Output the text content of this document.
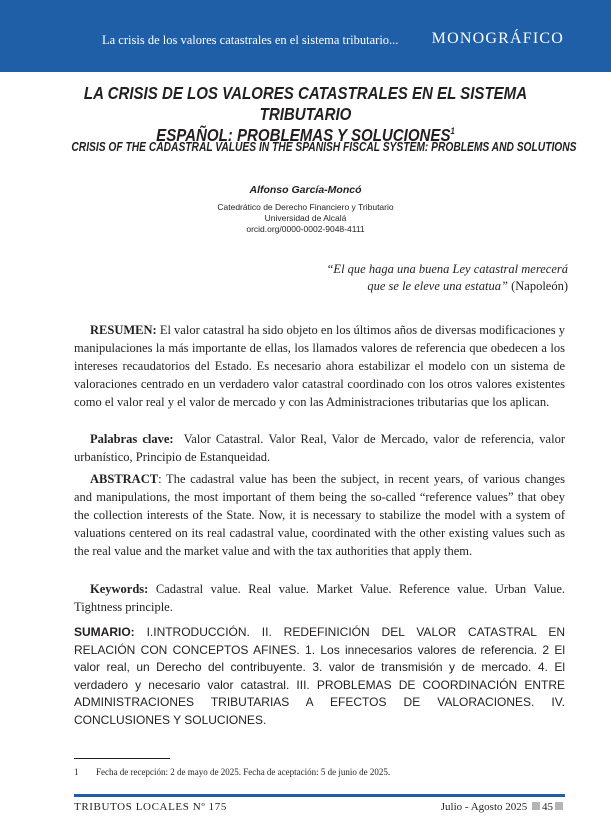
La crisis de los valores catastrales en el sistema tributario... MONOGRÁFICO
LA CRISIS DE LOS VALORES CATASTRALES EN EL SISTEMA TRIBUTARIO
ESPAÑOL: PROBLEMAS Y SOLUCIONES$^1$
CRISIS OF THE CADASTRAL VALUES IN THE SPANISH FISCAL SYSTEM: PROBLEMS AND SOLUTIONS
Alfonso García-Moncó
Catedrático de Derecho Financiero y Tributario
Universidad de Alcalá
orcid.org/0000-0002-9048-4111
“El que haga una buena Ley catastral merecerá
que se le eleve una estatua” (Napoleón)
RESUMEN: El valor catastral ha sido objeto en los últimos años de diversas modificaciones y manipulaciones la más importante de ellas, los llamados valores de referencia que obedecen a los intereses recaudatorios del Estado. Es necesario ahora estabilizar el modelo con un sistema de valoraciones centrado en un verdadero valor catastral coordinado con los otros valores existentes como el valor real y el valor de mercado y con las Administraciones tributarias que los aplican.
Palabras clave: Valor Catastral. Valor Real, Valor de Mercado, valor de referencia, valor urbanístico, Principio de Estanqueidad.
ABSTRACT: The cadastral value has been the subject, in recent years, of various changes and manipulations, the most important of them being the so-called “reference values” that obey the collection interests of the State. Now, it is necessary to stabilize the model with a system of valuations centered on its real cadastral value, coordinated with the other existing values such as the real value and the market value and with the tax authorities that apply them.
Keywords: Cadastral value. Real value. Market Value. Reference value. Urban Value. Tightness principle.
SUMARIO: I.INTRODUCCIÓN. II. REDEFINICIÓN DEL VALOR CATASTRAL EN RELACIÓN CON CONCEPTOS AFINES. 1. Los innecesarios valores de referencia. 2 El valor real, un Derecho del contribuyente. 3. valor de transmisión y de mercado. 4. El verdadero y necesario valor catastral. III. PROBLEMAS DE COORDINACIÓN ENTRE ADMINISTRACIONES TRIBUTARIAS A EFECTOS DE VALORACIONES. IV. CONCLUSIONES Y SOLUCIONES.
1 Fecha de recepción: 2 de mayo de 2025. Fecha de aceptación: 5 de junio de 2025.
TRIBUTOS LOCALES Nº 175	Julio - Agosto 2025 45
